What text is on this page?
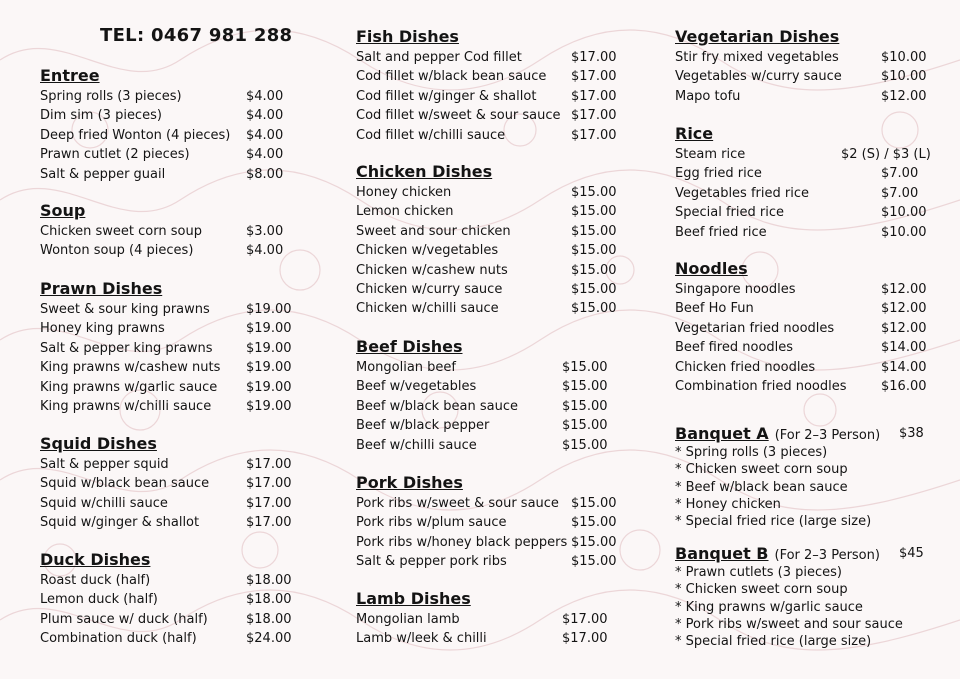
TEL: 0467 981 288
Entree
Spring rolls (3 pieces)	$4.00
Dim sim (3 pieces)	$4.00
Deep fried Wonton (4 pieces) $4.00
Prawn cutlet (2 pieces)	$4.00
Salt & pepper guail	$8.00
Soup
Chicken sweet corn soup	$3.00
Wonton soup (4 pieces)	$4.00
Prawn Dishes
Sweet & sour king prawns	$19.00
Honey king prawns	$19.00
Salt & pepper king prawns	$19.00
King prawns w/cashew nuts $19.00
King prawns w/garlic sauce $19.00
King prawns w/chilli sauce	$19.00
Squid Dishes
Salt & pepper squid	$17.00
Squid w/black bean sauce	$17.00
Squid w/chilli sauce	$17.00
Squid w/ginger & shallot	$17.00
Duck Dishes
Roast duck (half)	$18.00
Lemon duck (half)	$18.00
Plum sauce w/ duck (half)	$18.00
Combination duck (half)	$24.00
Fish Dishes
Salt and pepper Cod fillet	$17.00
Cod fillet w/black bean sauce $17.00
Cod fillet w/ginger & shallot	$17.00
Cod fillet w/sweet & sour sauce $17.00
Cod fillet w/chilli sauce	$17.00
Chicken Dishes
Honey chicken	$15.00
Lemon chicken	$15.00
Sweet and sour chicken	$15.00
Chicken w/vegetables	$15.00
Chicken w/cashew nuts	$15.00
Chicken w/curry sauce	$15.00
Chicken w/chilli sauce	$15.00
Beef Dishes
Mongolian beef	$15.00
Beef w/vegetables	$15.00
Beef w/black bean sauce	$15.00
Beef w/black pepper	$15.00
Beef w/chilli sauce	$15.00
Pork Dishes
Pork ribs w/sweet & sour sauce $15.00
Pork ribs w/plum sauce	$15.00
Pork ribs w/honey black peppers $15.00
Salt & pepper pork ribs	$15.00
Lamb Dishes
Mongolian lamb	$17.00
Lamb w/leek & chilli	$17.00
Vegetarian Dishes
Stir fry mixed vegetables	$10.00
Vegetables w/curry sauce	$10.00
Mapo tofu	$12.00
Rice
Steam rice	$2 (S) / $3 (L)
Egg fried rice	$7.00
Vegetables fried rice	$7.00
Special fried rice	$10.00
Beef fried rice	$10.00
Noodles
Singapore noodles	$12.00
Beef Ho Fun	$12.00
Vegetarian fried noodles	$12.00
Beef fired noodles	$14.00
Chicken fried noodles	$14.00
Combination fried noodles	$16.00
Banquet A (For 2–3 Person) $38
* Spring rolls (3 pieces)
* Chicken sweet corn soup
* Beef w/black bean sauce
* Honey chicken
* Special fried rice (large size)
Banquet B (For 2–3 Person) $45
* Prawn cutlets (3 pieces)
* Chicken sweet corn soup
* King prawns w/garlic sauce
* Pork ribs w/sweet and sour sauce
* Special fried rice (large size)
